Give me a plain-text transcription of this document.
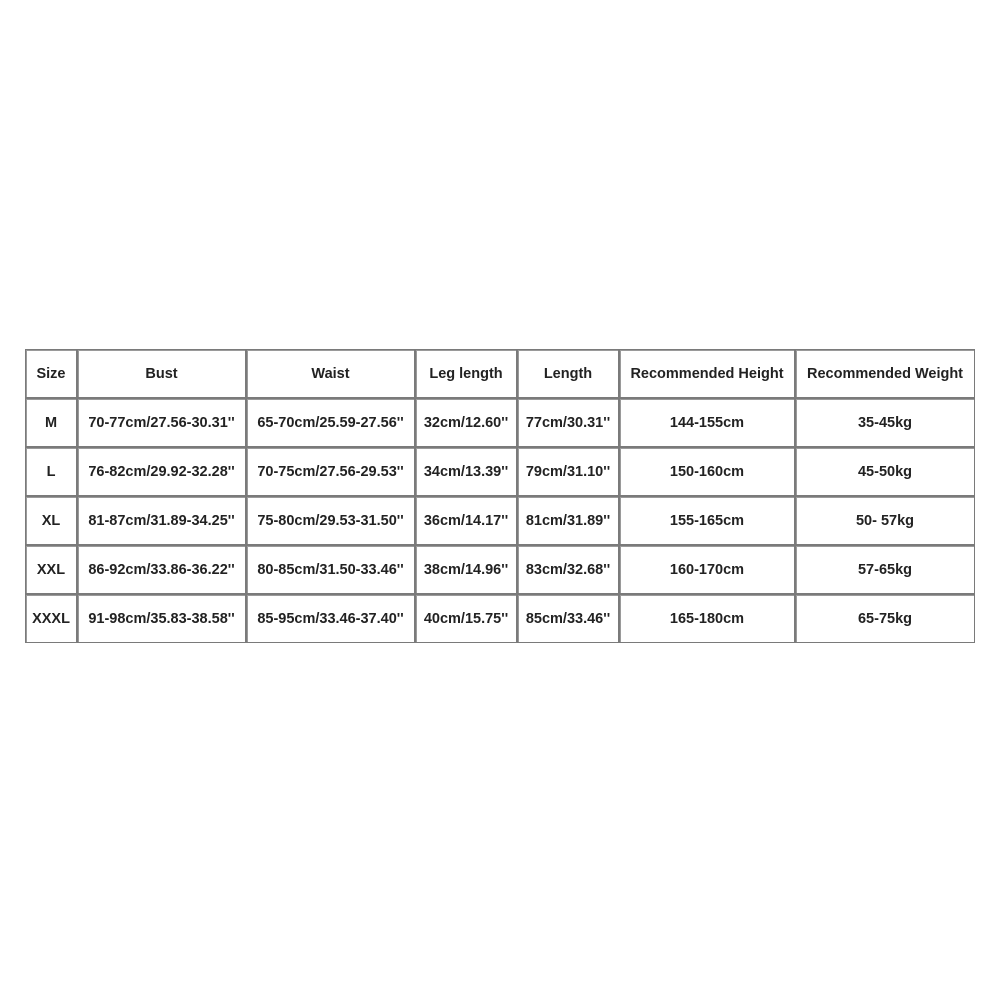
Size	Bust	Waist	Leg length	Length	Recommended Height	Recommended Weight
M	70-77cm/27.56-30.31''	65-70cm/25.59-27.56''	32cm/12.60''	77cm/30.31''	144-155cm	35-45kg
L	76-82cm/29.92-32.28''	70-75cm/27.56-29.53''	34cm/13.39''	79cm/31.10''	150-160cm	45-50kg
XL	81-87cm/31.89-34.25''	75-80cm/29.53-31.50''	36cm/14.17''	81cm/31.89''	155-165cm	50- 57kg
XXL	86-92cm/33.86-36.22''	80-85cm/31.50-33.46''	38cm/14.96''	83cm/32.68''	160-170cm	57-65kg
XXXL	91-98cm/35.83-38.58''	85-95cm/33.46-37.40''	40cm/15.75''	85cm/33.46''	165-180cm	65-75kg
